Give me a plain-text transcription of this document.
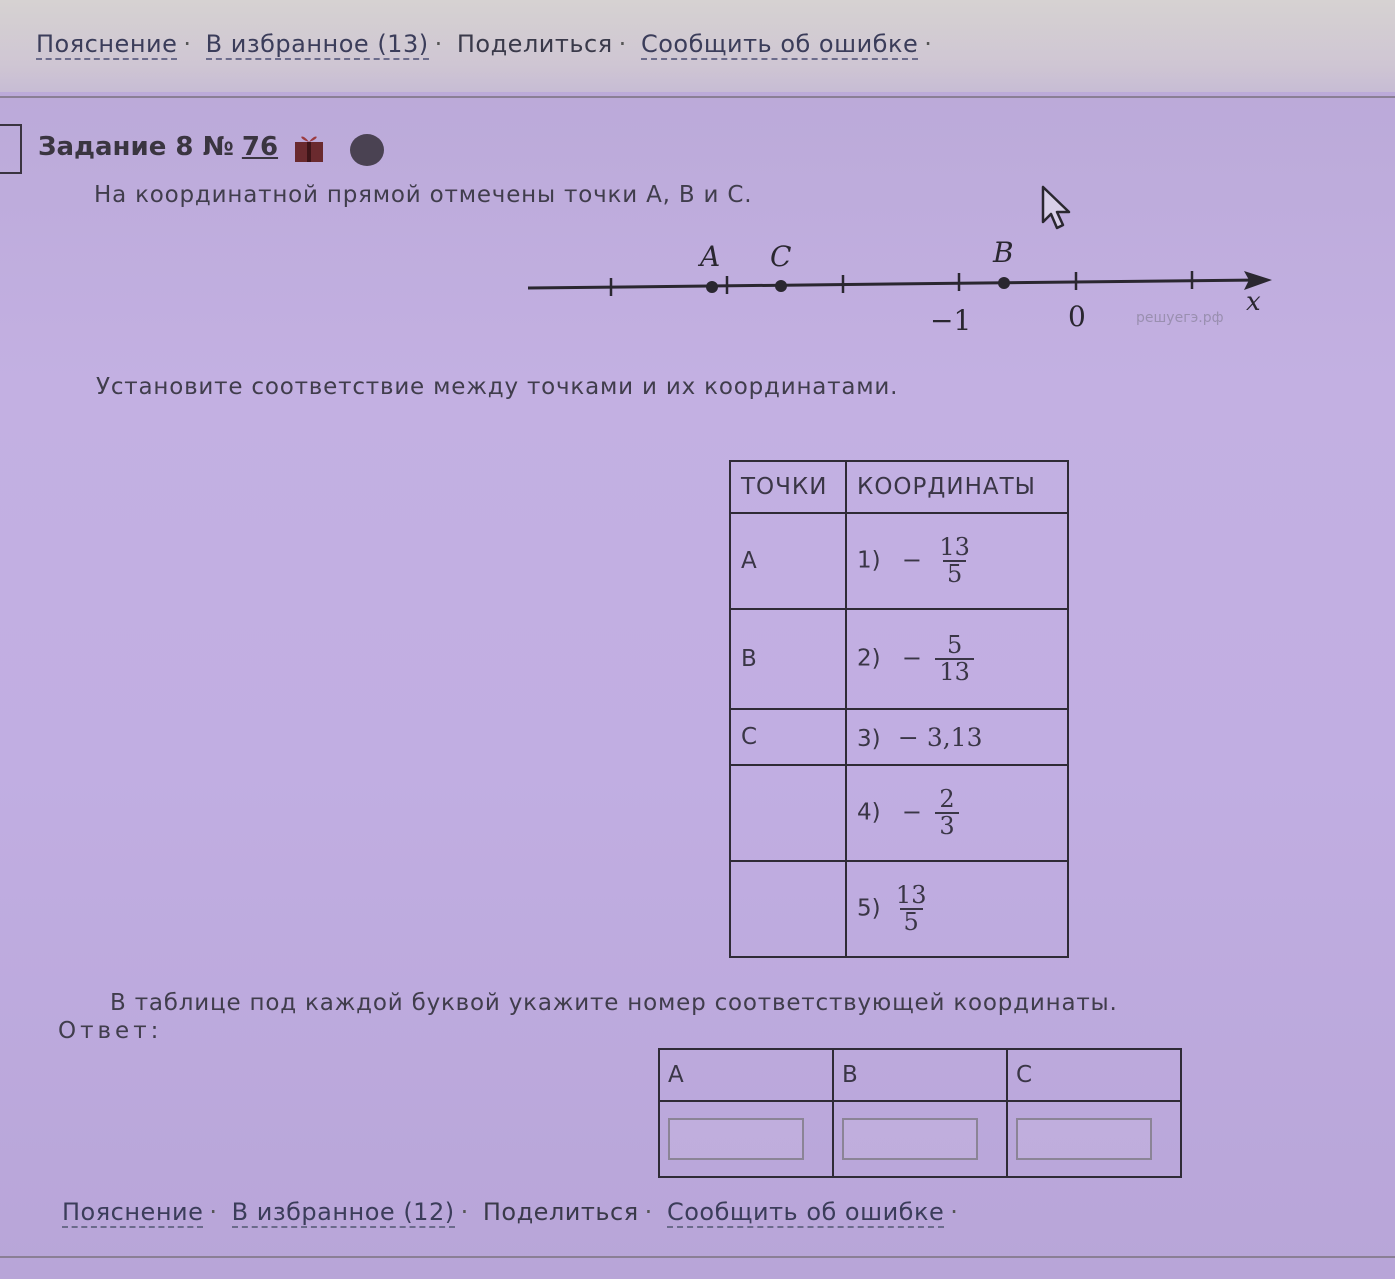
Пояснение · В избранное (13) · Поделиться · Сообщить об ошибке ·
Задание 8 № 76
На координатной прямой отмечены точки A, B и C.
A C	B
−1	0	x
решуегэ.рф
Установите соответствие между точками и их координатами.
ТОЧКИ	КООРДИНАТЫ
A	$1) - \frac{13}{5}$

B	$2) - \frac{5}{13}$

C	3) − 3,13
	$4) - \frac{2}{3}$

	$5) \frac{13}{5}$
В таблице под каждой буквой укажите номер соответствующей координаты.
Ответ:
A	B	C

Пояснение · В избранное (12) · Поделиться · Сообщить об ошибке ·
